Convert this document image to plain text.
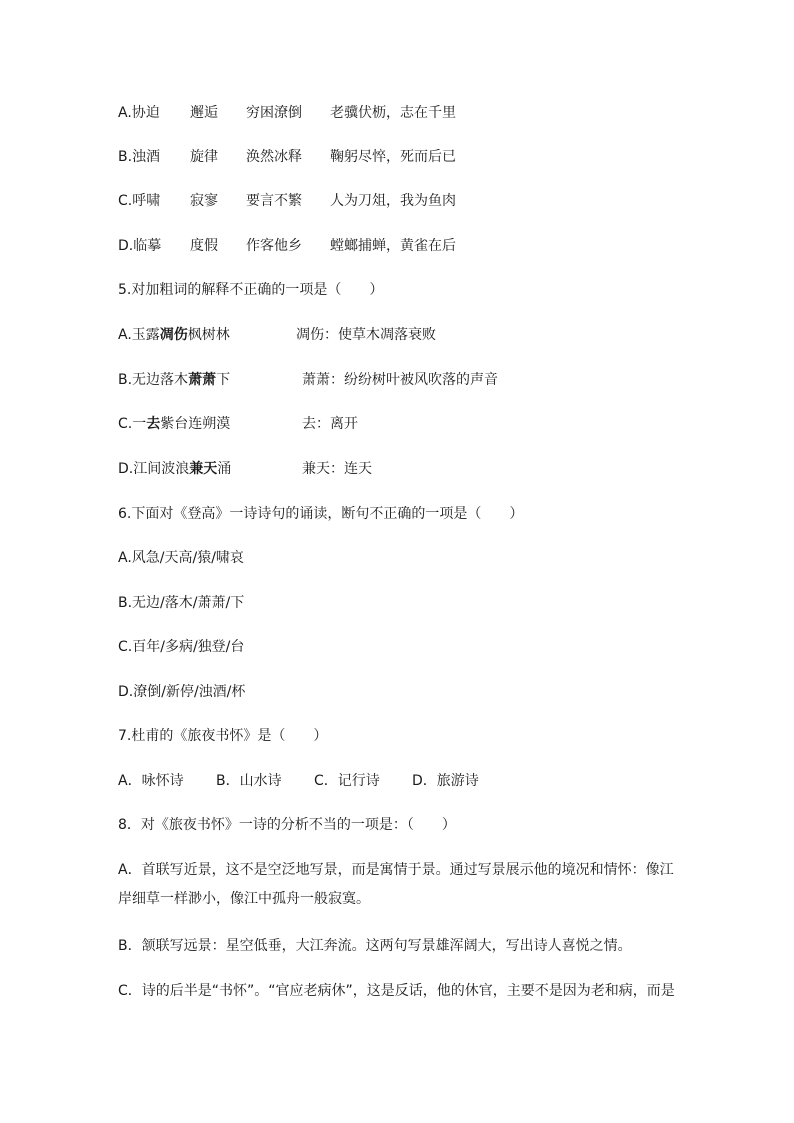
A.协迫 邂逅 穷困潦倒 老骥伏枥，志在千里
B.浊酒 旋律 涣然冰释 鞠躬尽悴，死而后已
C.呼啸 寂寥 要言不繁 人为刀俎，我为鱼肉
D.临摹 度假 作客他乡 螳螂捕蝉，黄雀在后
5.对加粗词的解释不正确的一项是（　　）
A.玉露凋伤枫树林	凋伤：使草木凋落衰败
B.无边落木萧萧下	萧萧：纷纷树叶被风吹落的声音
C.一去紫台连朔漠	去：离开
D.江间波浪兼天涌	兼天：连天
6.下面对《登高》一诗诗句的诵读，断句不正确的一项是（　　）
A.风急/天高/猿/啸哀
B.无边/落木/萧萧/下
C.百年/多病/独登/台
D.潦倒/新停/浊酒/杯
7.杜甫的《旅夜书怀》是（　　）
A．咏怀诗 B．山水诗 C．记行诗 D．旅游诗
8．对《旅夜书怀》一诗的分析不当的一项是：（　　）
A．首联写近景，这不是空泛地写景，而是寓情于景。通过写景展示他的境况和情怀：像江岸细草一样渺小，像江中孤舟一般寂寞。
B．颔联写远景：星空低垂，大江奔流。这两句写景雄浑阔大，写出诗人喜悦之情。
C．诗的后半是“书怀”。“官应老病休”，这是反话，他的休官，主要不是因为老和病，而是
